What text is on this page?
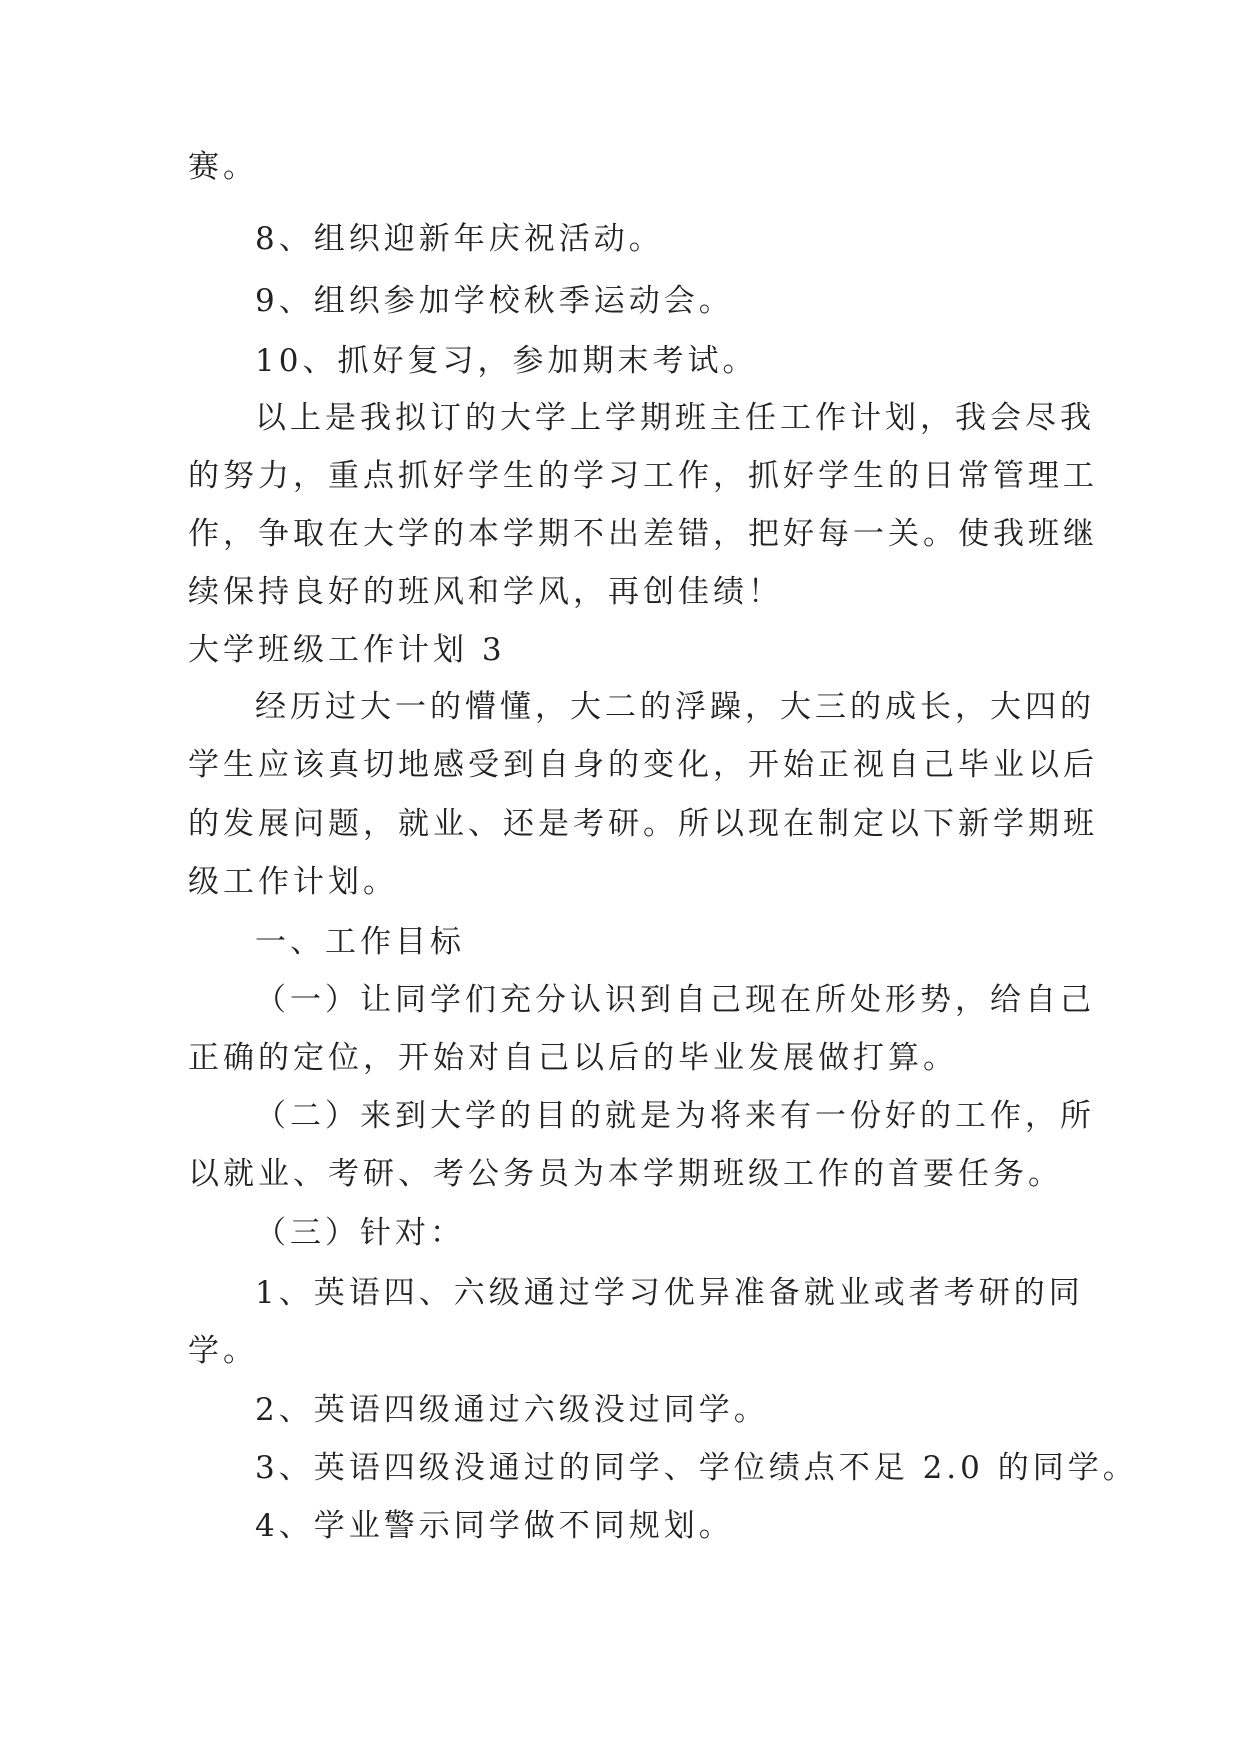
赛。

8、组织迎新年庆祝活动。

9、组织参加学校秋季运动会。

10、抓好复习，参加期末考试。

以上是我拟订的大学上学期班主任工作计划，我会尽我

的努力，重点抓好学生的学习工作，抓好学生的日常管理工

作，争取在大学的本学期不出差错，把好每一关。使我班继

续保持良好的班风和学风，再创佳绩！

大学班级工作计划 3

经历过大一的懵懂，大二的浮躁，大三的成长，大四的

学生应该真切地感受到自身的变化，开始正视自己毕业以后

的发展问题，就业、还是考研。所以现在制定以下新学期班

级工作计划。

一、工作目标

（一）让同学们充分认识到自己现在所处形势，给自己

正确的定位，开始对自己以后的毕业发展做打算。

（二）来到大学的目的就是为将来有一份好的工作，所

以就业、考研、考公务员为本学期班级工作的首要任务。

（三）针对：

1、英语四、六级通过学习优异准备就业或者考研的同

学。

2、英语四级通过六级没过同学。

3、英语四级没通过的同学、学位绩点不足 2.0 的同学。

4、学业警示同学做不同规划。
